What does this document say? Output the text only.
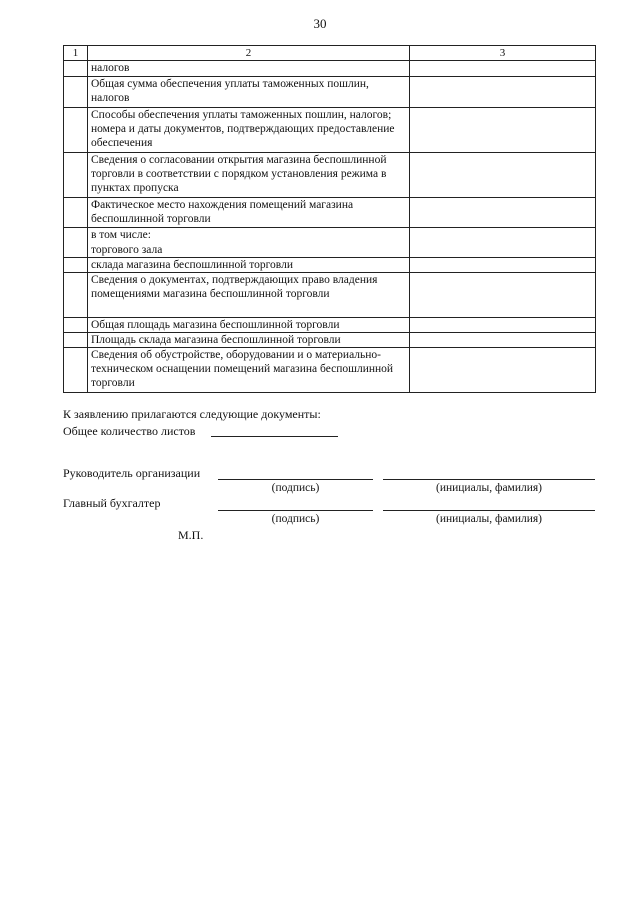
30
1	2	3
	налогов	
	Общая сумма обеспечения уплаты таможенных пошлин, налогов	
	Способы обеспечения уплаты таможенных пошлин, налогов; номера и даты документов, подтверждающих предоставление обеспечения	
	Сведения о согласовании открытия магазина беспошлинной торговли в соответствии с порядком установления режима в пунктах пропуска	
	Фактическое место нахождения помещений магазина беспошлинной торговли	
	в том числе:	
	торгового зала	
	склада магазина беспошлинной торговли	
	Сведения о документах, подтверждающих право владения помещениями магазина беспошлинной торговли	
	Общая площадь магазина беспошлинной торговли	
	Площадь склада магазина беспошлинной торговли	
	Сведения об обустройстве, оборудовании и о материально-техническом оснащении помещений магазина беспошлинной торговли	
К заявлению прилагаются следующие документы:
Общее количество листов
Руководитель организации
(подпись)	(инициалы, фамилия)
Главный бухгалтер
(подпись)	(инициалы, фамилия)
М.П.
